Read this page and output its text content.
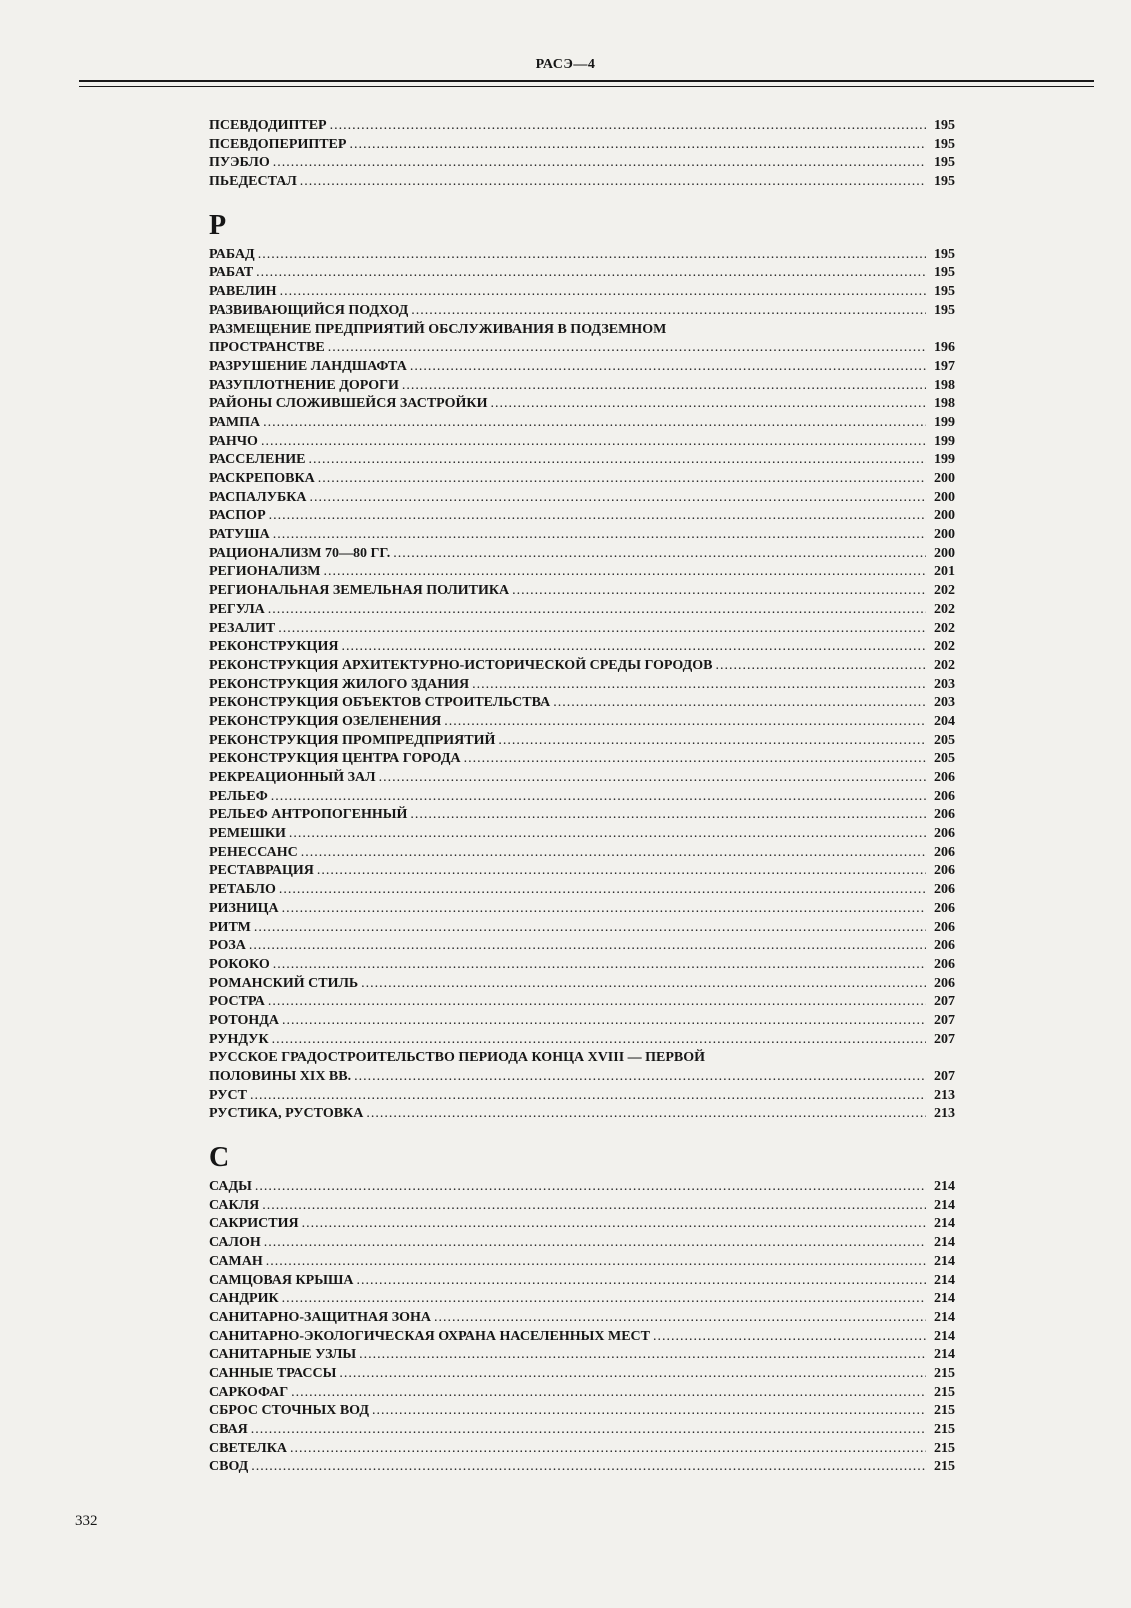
РАСЭ—4
ПСЕВДОДИПТЕР .....	195
ПСЕВДОПЕРИПТЕР .....	195
ПУЭБЛО .....	195
ПЬЕДЕСТАЛ .....	195
Р
РАБАД .....	195
РАБАТ .....	195
РАВЕЛИН .....	195
РАЗВИВАЮЩИЙСЯ ПОДХОД .....	195
РАЗМЕЩЕНИЕ ПРЕДПРИЯТИЙ ОБСЛУЖИВАНИЯ В ПОДЗЕМНОМ
ПРОСТРАНСТВЕ .....	196
РАЗРУШЕНИЕ ЛАНДШАФТА .....	197
РАЗУПЛОТНЕНИЕ ДОРОГИ .....	198
РАЙОНЫ СЛОЖИВШЕЙСЯ ЗАСТРОЙКИ .....	198
РАМПА .....	199
РАНЧО .....	199
РАССЕЛЕНИЕ .....	199
РАСКРЕПОВКА .....	200
РАСПАЛУБКА .....	200
РАСПОР .....	200
РАТУША .....	200
РАЦИОНАЛИЗМ 70—80 ГГ. .....	200
РЕГИОНАЛИЗМ .....	201
РЕГИОНАЛЬНАЯ ЗЕМЕЛЬНАЯ ПОЛИТИКА .....	202
РЕГУЛА .....	202
РЕЗАЛИТ .....	202
РЕКОНСТРУКЦИЯ .....	202
РЕКОНСТРУКЦИЯ АРХИТЕКТУРНО-ИСТОРИЧЕСКОЙ СРЕДЫ ГОРОДОВ .....	202
РЕКОНСТРУКЦИЯ ЖИЛОГО ЗДАНИЯ .....	203
РЕКОНСТРУКЦИЯ ОБЪЕКТОВ СТРОИТЕЛЬСТВА .....	203
РЕКОНСТРУКЦИЯ ОЗЕЛЕНЕНИЯ .....	204
РЕКОНСТРУКЦИЯ ПРОМПРЕДПРИЯТИЙ .....	205
РЕКОНСТРУКЦИЯ ЦЕНТРА ГОРОДА .....	205
РЕКРЕАЦИОННЫЙ ЗАЛ .....	206
РЕЛЬЕФ .....	206
РЕЛЬЕФ АНТРОПОГЕННЫЙ .....	206
РЕМЕШКИ .....	206
РЕНЕССАНС .....	206
РЕСТАВРАЦИЯ .....	206
РЕТАБЛО .....	206
РИЗНИЦА .....	206
РИТМ .....	206
РОЗА .....	206
РОКОКО .....	206
РОМАНСКИЙ СТИЛЬ .....	206
РОСТРА .....	207
РОТОНДА .....	207
РУНДУК .....	207
РУССКОЕ ГРАДОСТРОИТЕЛЬСТВО ПЕРИОДА КОНЦА XVIII — ПЕРВОЙ
ПОЛОВИНЫ XIX ВВ. .....	207
РУСТ .....	213
РУСТИКА, РУСТОВКА .....	213
С
САДЫ .....	214
САКЛЯ .....	214
САКРИСТИЯ .....	214
САЛОН .....	214
САМАН .....	214
САМЦОВАЯ КРЫША .....	214
САНДРИК .....	214
САНИТАРНО-ЗАЩИТНАЯ ЗОНА .....	214
САНИТАРНО-ЭКОЛОГИЧЕСКАЯ ОХРАНА НАСЕЛЕННЫХ МЕСТ .....	214
САНИТАРНЫЕ УЗЛЫ .....	214
САННЫЕ ТРАССЫ .....	215
САРКОФАГ .....	215
СБРОС СТОЧНЫХ ВОД .....	215
СВАЯ .....	215
СВЕТЕЛКА .....	215
СВОД .....	215
332
